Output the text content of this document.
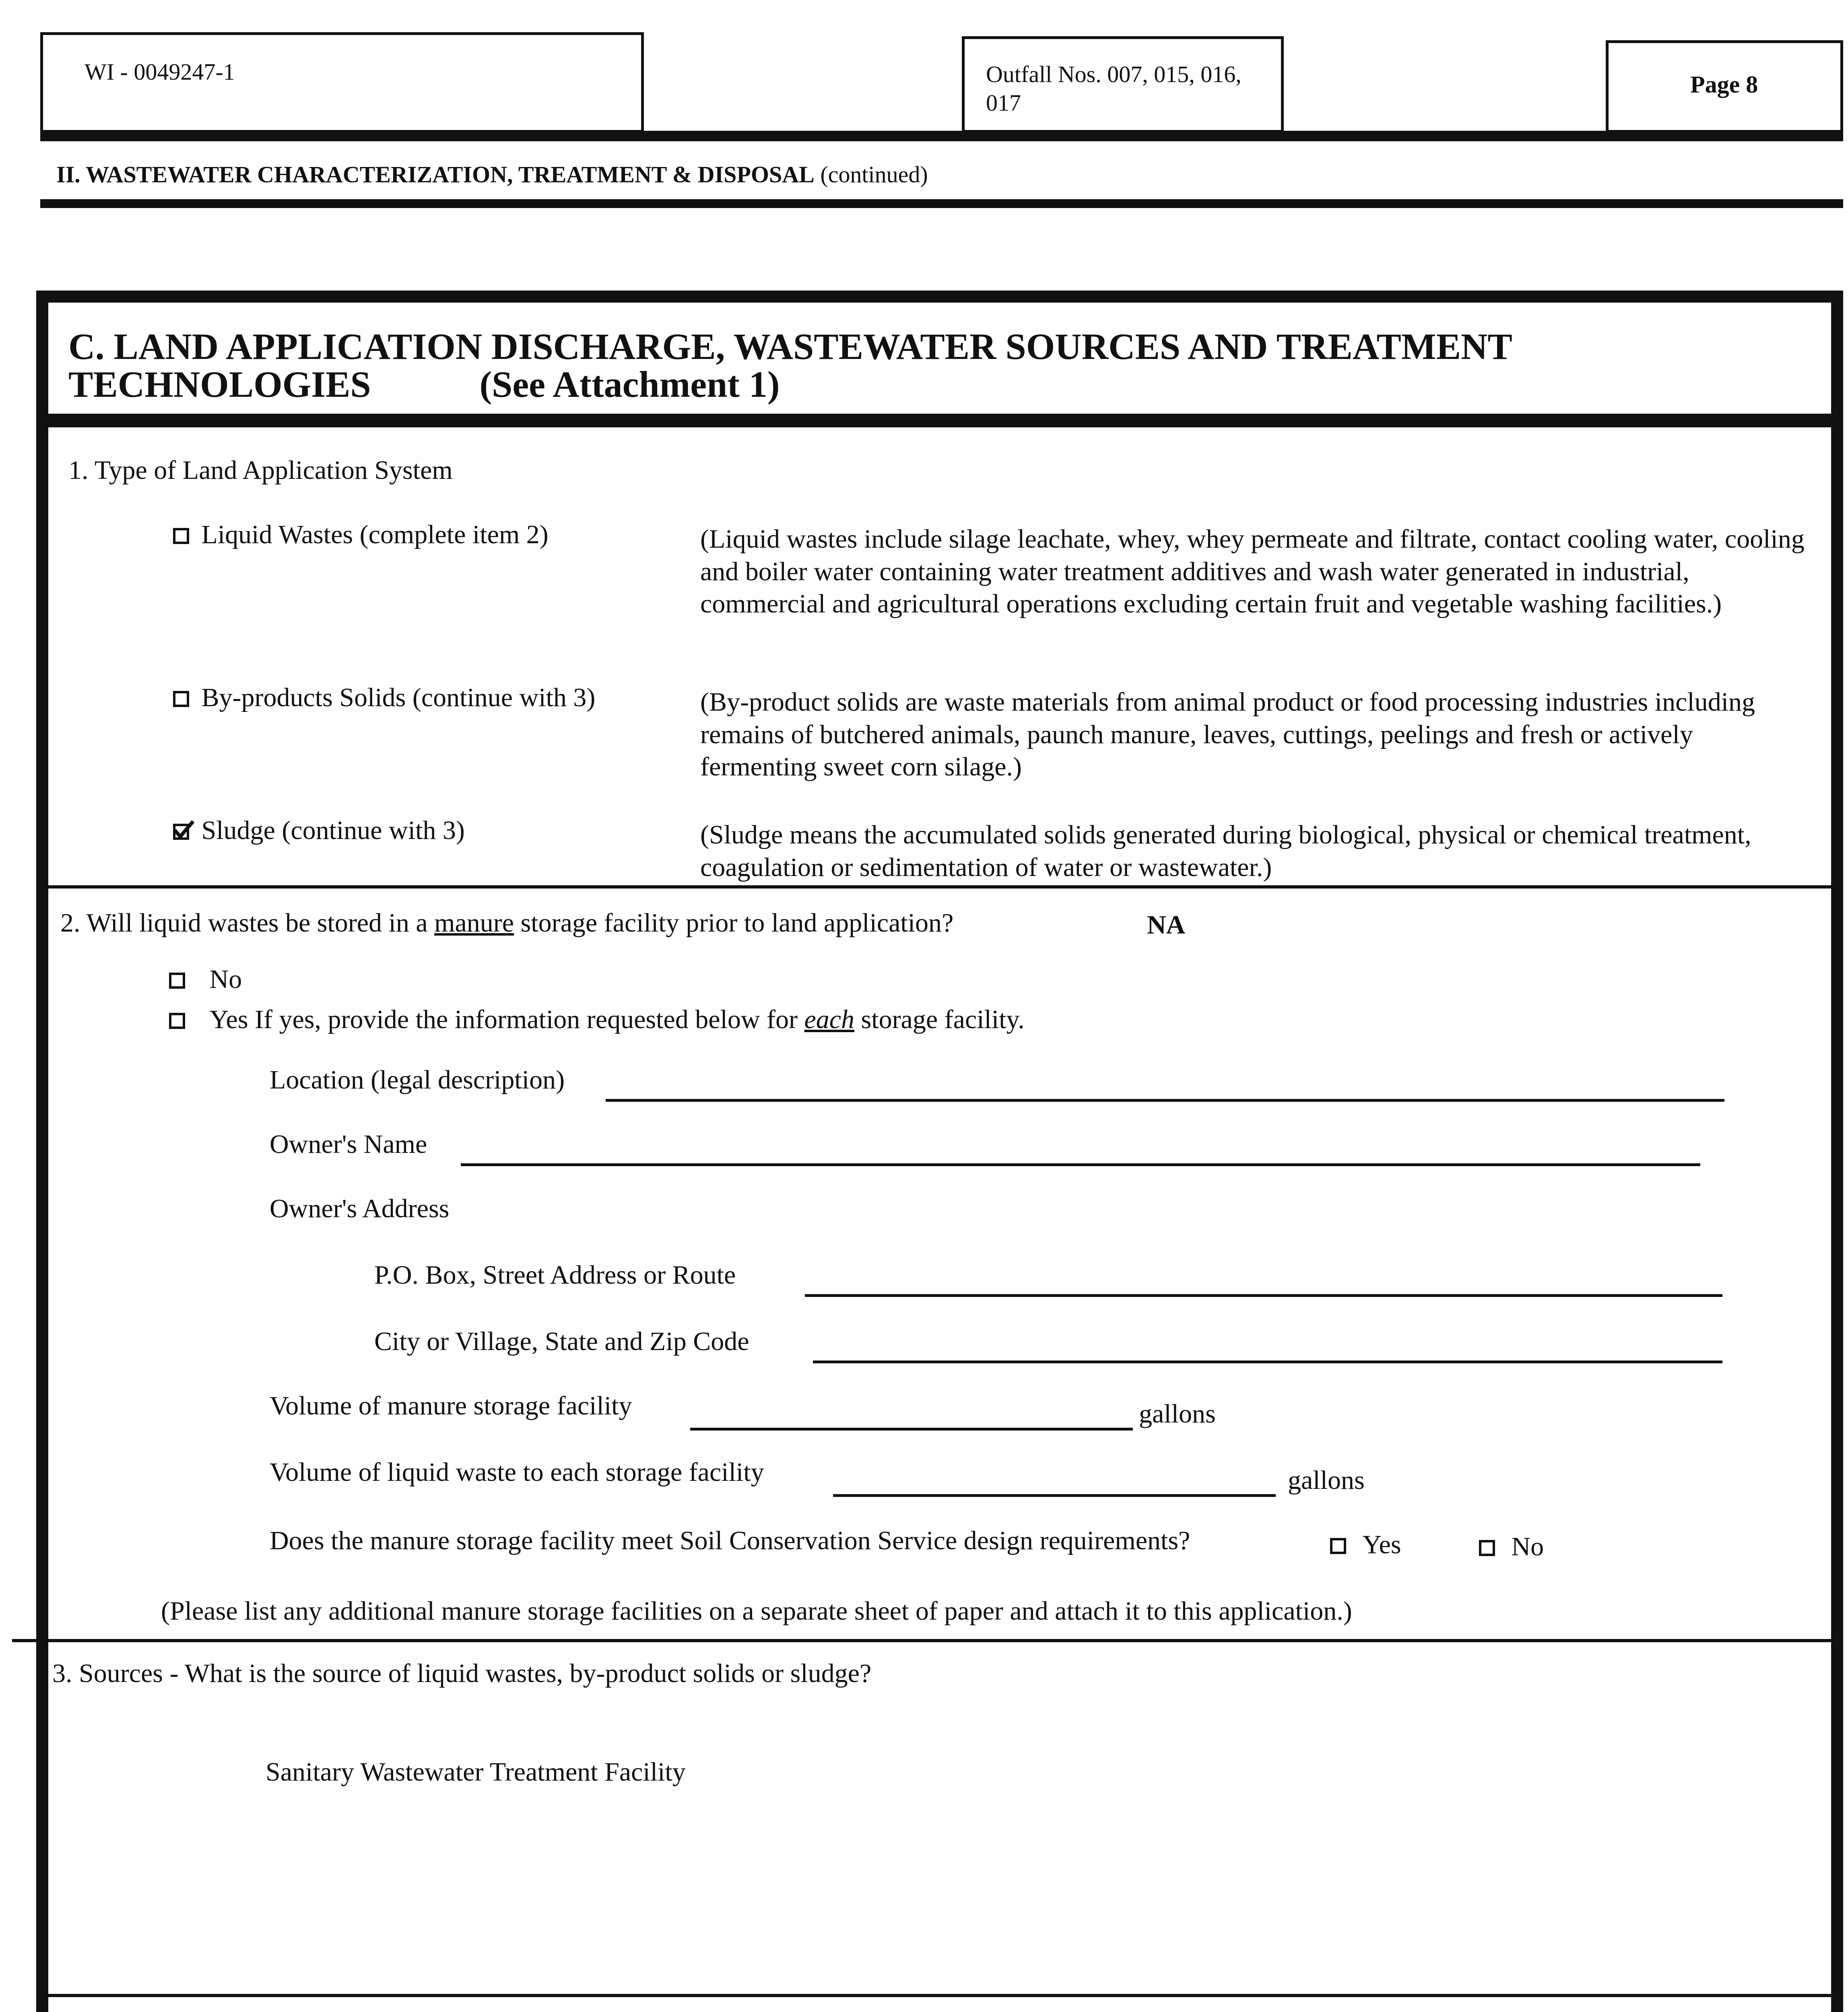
WI - 0049247-1	Outfall Nos. 007, 015, 016, 017
Page 8
II. WASTEWATER CHARACTERIZATION, TREATMENT & DISPOSAL (continued)
C. LAND APPLICATION DISCHARGE, WASTEWATER SOURCES AND TREATMENT
TECHNOLOGIES	(See Attachment 1)
1. Type of Land Application System
Liquid Wastes (complete item 2)	(Liquid wastes include silage leachate, whey, whey permeate and filtrate, contact cooling water, cooling and boiler water containing water treatment additives and wash water generated in industrial, commercial and agricultural operations excluding certain fruit and vegetable washing facilities.)
By-products Solids (continue with 3)	(By-product solids are waste materials from animal product or food processing industries including remains of butchered animals, paunch manure, leaves, cuttings, peelings and fresh or actively fermenting sweet corn silage.)
Sludge (continue with 3)	(Sludge means the accumulated solids generated during biological, physical or chemical treatment, coagulation or sedimentation of water or wastewater.)
2. Will liquid wastes be stored in a manure storage facility prior to land application?	NA
No
Yes If yes, provide the information requested below for each storage facility.
Location (legal description)
Owner's Name
Owner's Address
P.O. Box, Street Address or Route
City or Village, State and Zip Code
Volume of manure storage facility	gallons
Volume of liquid waste to each storage facility	gallons
Does the manure storage facility meet Soil Conservation Service design requirements?	Yes	No
(Please list any additional manure storage facilities on a separate sheet of paper and attach it to this application.)
3. Sources - What is the source of liquid wastes, by-product solids or sludge?
Sanitary Wastewater Treatment Facility
